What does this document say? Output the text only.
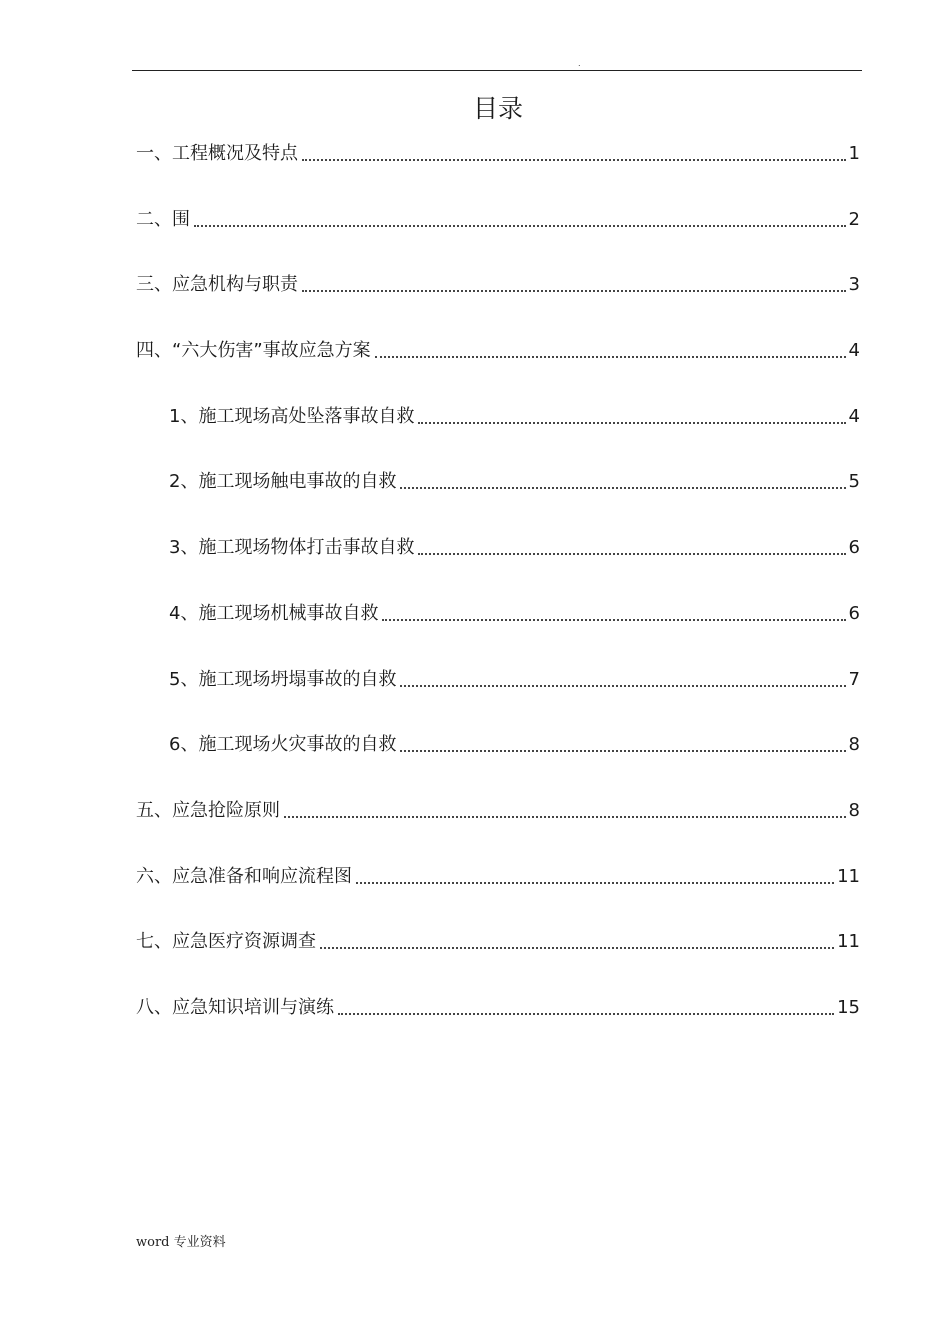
.
目录
一、工程概况及特点	1
二、围	2
三、应急机构与职责	3
四、“六大伤害”事故应急方案	4
1、施工现场高处坠落事故自救	4
2、施工现场触电事故的自救	5
3、施工现场物体打击事故自救	6
4、施工现场机械事故自救	6
5、施工现场坍塌事故的自救	7
6、施工现场火灾事故的自救	8
五、应急抢险原则	8
六、应急准备和响应流程图	11
七、应急医疗资源调查	11
八、应急知识培训与演练	15
word 专业资料
